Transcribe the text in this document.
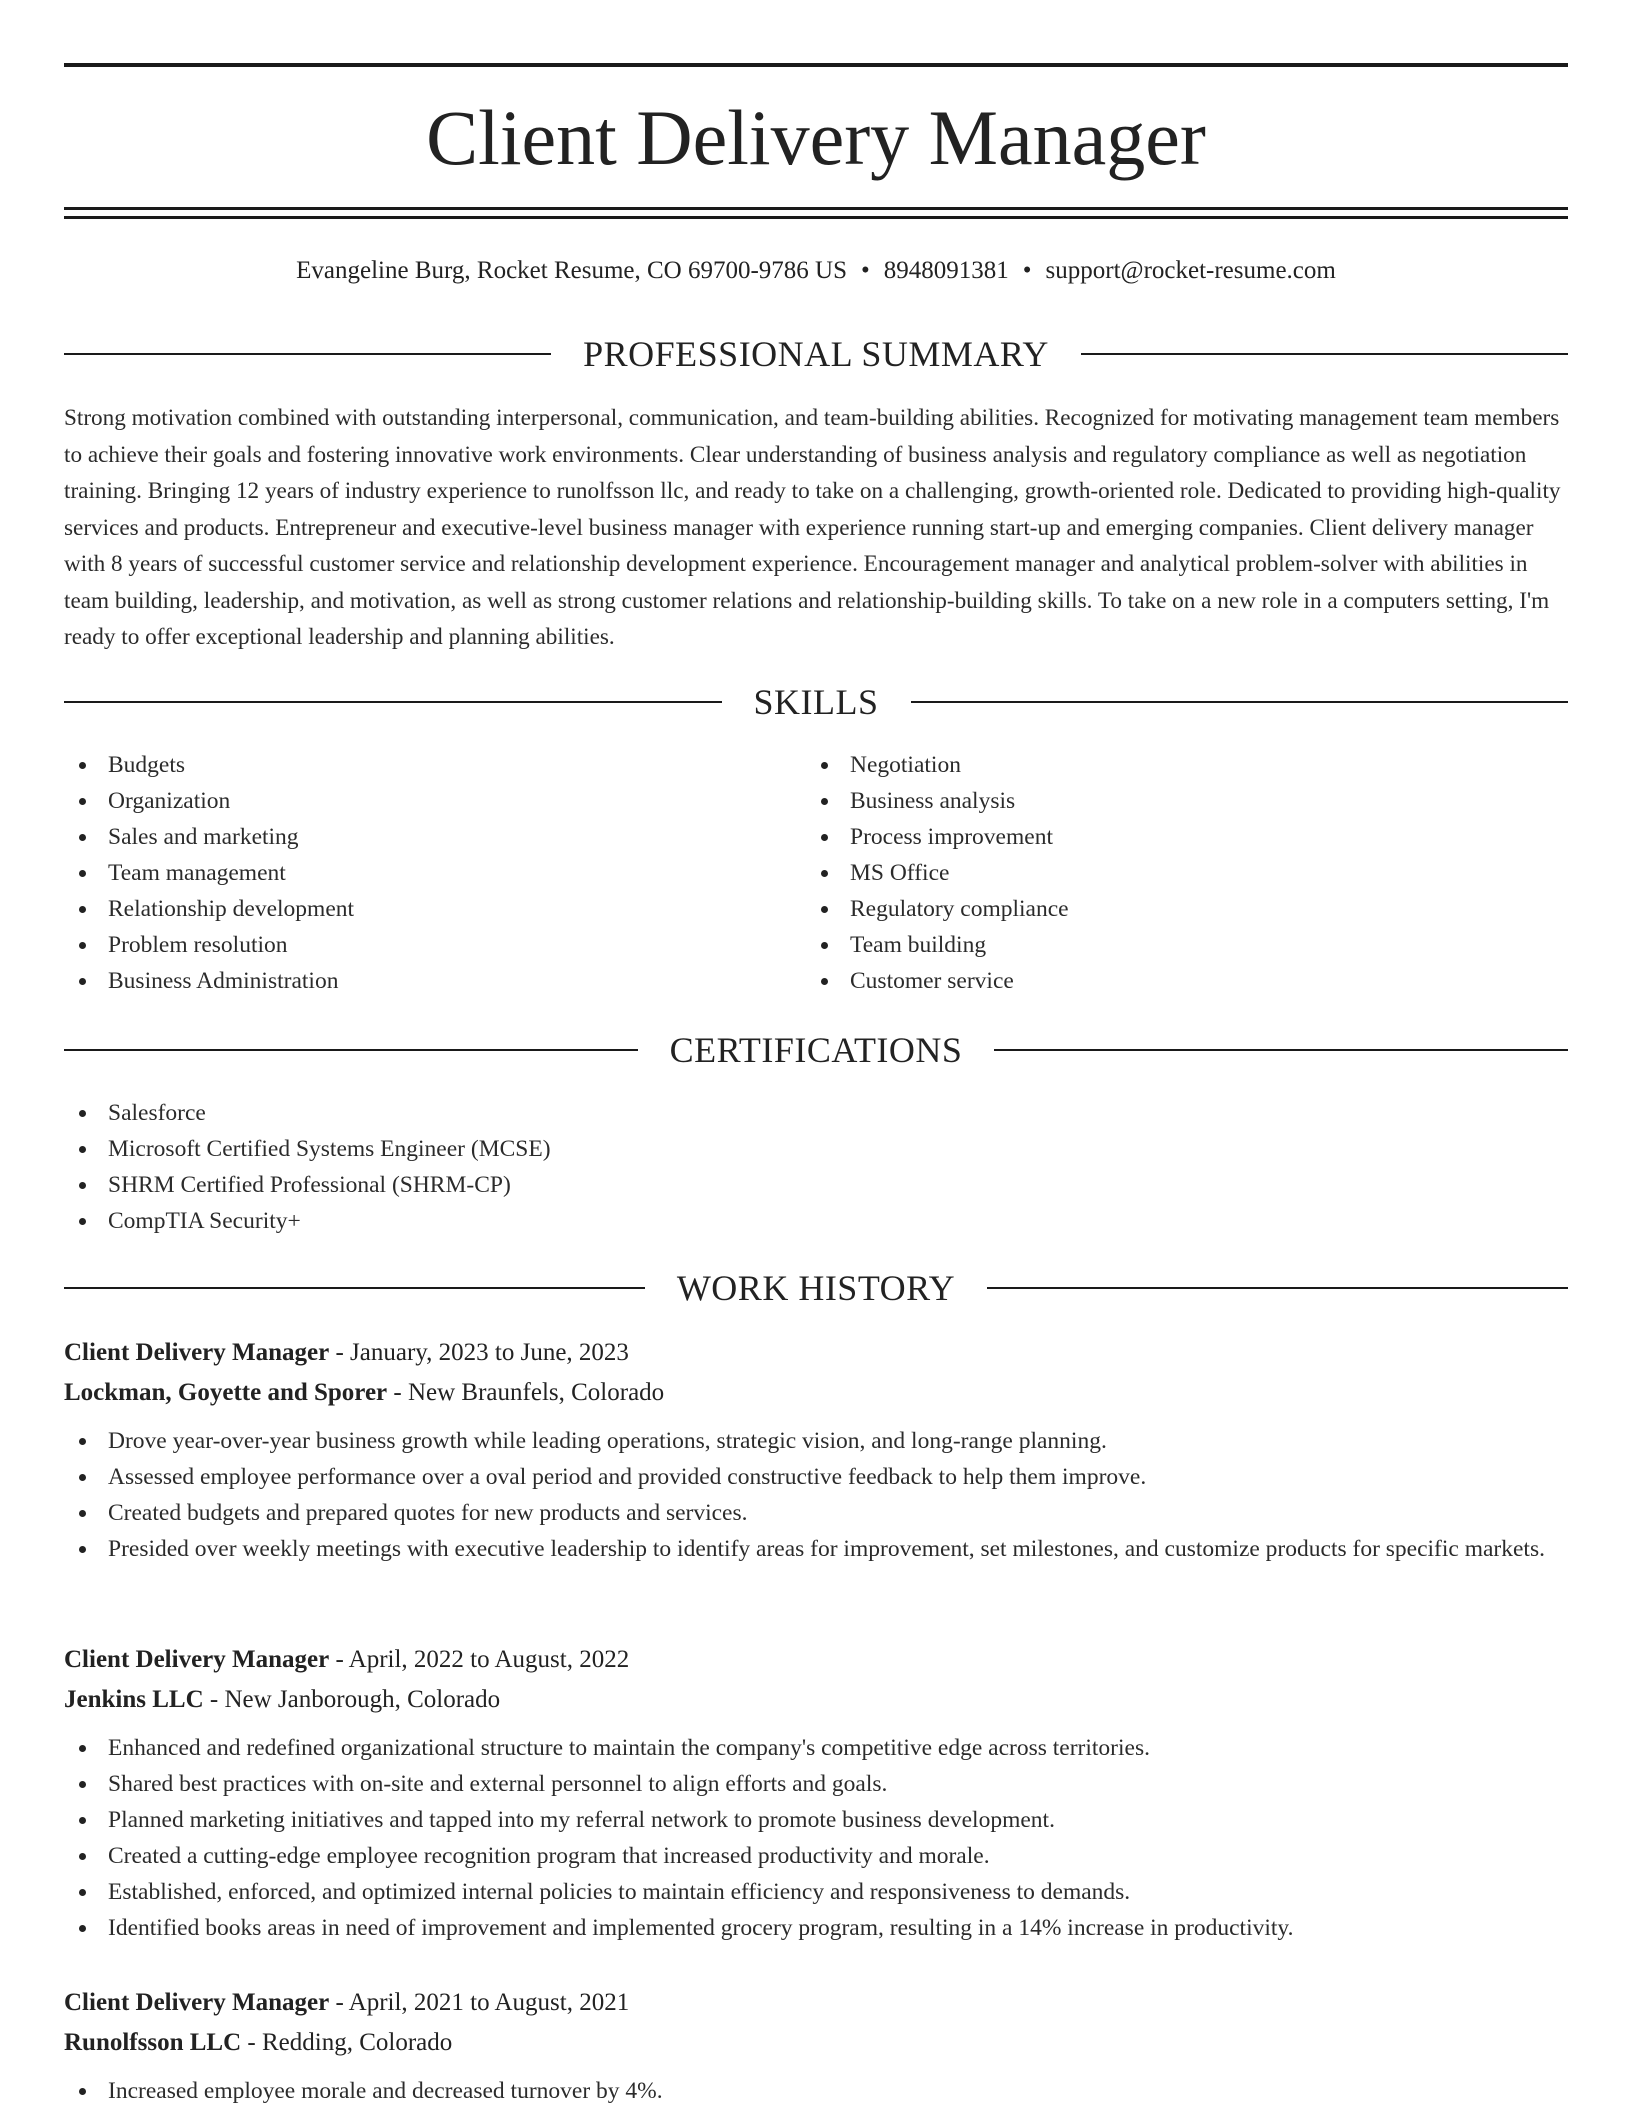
Client Delivery Manager
Evangeline Burg, Rocket Resume, CO 69700-9786 US • 8948091381 • support@rocket-resume.com
PROFESSIONAL SUMMARY

Strong motivation combined with outstanding interpersonal, communication, and team-building abilities. Recognized for motivating management team members to achieve their goals and fostering innovative work environments. Clear understanding of business analysis and regulatory compliance as well as negotiation training. Bringing 12 years of industry experience to runolfsson llc, and ready to take on a challenging, growth-oriented role. Dedicated to providing high-quality services and products. Entrepreneur and executive-level business manager with experience running start-up and emerging companies. Client delivery manager with 8 years of successful customer service and relationship development experience. Encouragement manager and analytical problem-solver with abilities in team building, leadership, and motivation, as well as strong customer relations and relationship-building skills. To take on a new role in a computers setting, I'm ready to offer exceptional leadership and planning abilities.

SKILLS
Budgets
Organization
Sales and marketing
Team management
Relationship development
Problem resolution
Business Administration
Negotiation
Business analysis
Process improvement
MS Office
Regulatory compliance
Team building
Customer service
CERTIFICATIONS
Salesforce
Microsoft Certified Systems Engineer (MCSE)
SHRM Certified Professional (SHRM-CP)
CompTIA Security+
WORK HISTORY
Client Delivery Manager - January, 2023 to June, 2023
Lockman, Goyette and Sporer - New Braunfels, Colorado
Drove year-over-year business growth while leading operations, strategic vision, and long-range planning.
Assessed employee performance over a oval period and provided constructive feedback to help them improve.
Created budgets and prepared quotes for new products and services.
Presided over weekly meetings with executive leadership to identify areas for improvement, set milestones, and customize products for specific markets.
Client Delivery Manager - April, 2022 to August, 2022
Jenkins LLC - New Janborough, Colorado
Enhanced and redefined organizational structure to maintain the company's competitive edge across territories.
Shared best practices with on-site and external personnel to align efforts and goals.
Planned marketing initiatives and tapped into my referral network to promote business development.
Created a cutting-edge employee recognition program that increased productivity and morale.
Established, enforced, and optimized internal policies to maintain efficiency and responsiveness to demands.
Identified books areas in need of improvement and implemented grocery program, resulting in a 14% increase in productivity.
Client Delivery Manager - April, 2021 to August, 2021
Runolfsson LLC - Redding, Colorado
Increased employee morale and decreased turnover by 4%.
